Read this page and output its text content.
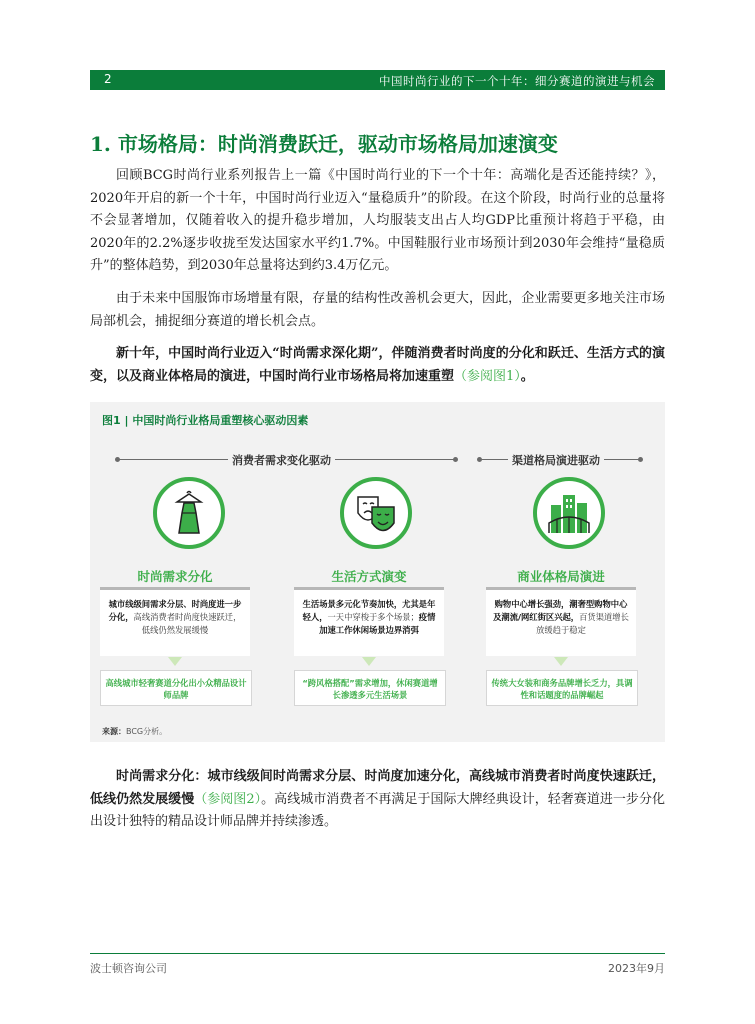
2	中国时尚行业的下一个十年：细分赛道的演进与机会
1. 市场格局：时尚消费跃迁，驱动市场格局加速演变
回顾BCG时尚行业系列报告上一篇《中国时尚行业的下一个十年：高端化是否还能持续？》，2020年开启的新一个十年，中国时尚行业迈入“量稳质升”的阶段。在这个阶段，时尚行业的总量将不会显著增加，仅随着收入的提升稳步增加，人均服装支出占人均GDP比重预计将趋于平稳，由2020年的2.2%逐步收拢至发达国家水平约1.7%。中国鞋服行业市场预计到2030年会维持“量稳质升”的整体趋势，到2030年总量将达到约3.4万亿元。
由于未来中国服饰市场增量有限，存量的结构性改善机会更大，因此，企业需要更多地关注市场局部机会，捕捉细分赛道的增长机会点。
新十年，中国时尚行业迈入“时尚需求深化期”，伴随消费者时尚度的分化和跃迁、生活方式的演变，以及商业体格局的演进，中国时尚行业市场格局将加速重塑（参阅图1）。
图1 | 中国时尚行业格局重塑核心驱动因素
消费者需求变化驱动	渠道格局演进驱动
时尚需求分化

城市线级间需求分层、时尚度进一步分化，高线消费者时尚度快速跃迁，低线仍然发展缓慢

高线城市轻奢赛道分化出小众精品设计师品牌

生活方式演变

生活场景多元化节奏加快，尤其是年轻人，一天中穿梭于多个场景；疫情加速工作休闲场景边界消弭

“跨风格搭配”需求增加，休闲赛道增长渗透多元生活场景

商业体格局演进

购物中心增长强劲，潮奢型购物中心及潮流/网红街区兴起，百货渠道增长放缓趋于稳定

传统大女装和商务品牌增长乏力，具调性和话题度的品牌崛起

来源：BCG分析。
时尚需求分化：城市线级间时尚需求分层、时尚度加速分化，高线城市消费者时尚度快速跃迁，低线仍然发展缓慢（参阅图2）。高线城市消费者不再满足于国际大牌经典设计，轻奢赛道进一步分化出设计独特的精品设计师品牌并持续渗透。
波士顿咨询公司	2023年9月
